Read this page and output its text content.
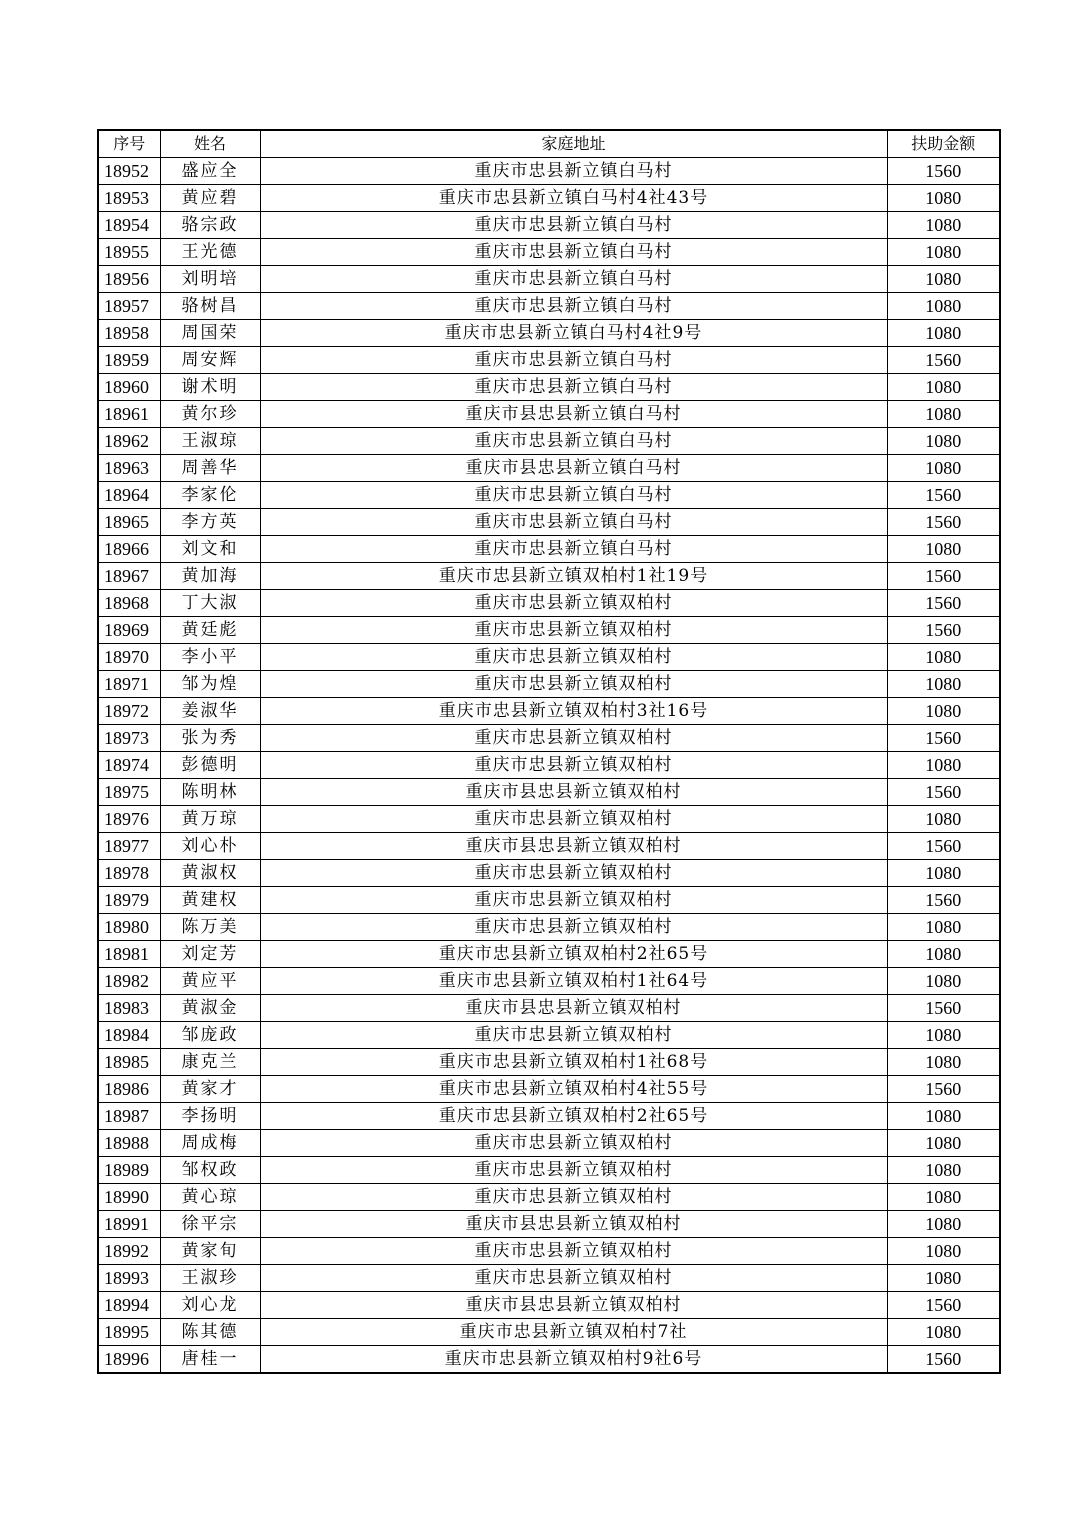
序号	姓名	家庭地址	扶助金额
18952	盛应全	重庆市忠县新立镇白马村	1560
18953	黄应碧	重庆市忠县新立镇白马村4社43号	1080
18954	骆宗政	重庆市忠县新立镇白马村	1080
18955	王光德	重庆市忠县新立镇白马村	1080
18956	刘明培	重庆市忠县新立镇白马村	1080
18957	骆树昌	重庆市忠县新立镇白马村	1080
18958	周国荣	重庆市忠县新立镇白马村4社9号	1080
18959	周安辉	重庆市忠县新立镇白马村	1560
18960	谢术明	重庆市忠县新立镇白马村	1080
18961	黄尔珍	重庆市县忠县新立镇白马村	1080
18962	王淑琼	重庆市忠县新立镇白马村	1080
18963	周善华	重庆市县忠县新立镇白马村	1080
18964	李家伦	重庆市忠县新立镇白马村	1560
18965	李方英	重庆市忠县新立镇白马村	1560
18966	刘文和	重庆市忠县新立镇白马村	1080
18967	黄加海	重庆市忠县新立镇双柏村1社19号	1560
18968	丁大淑	重庆市忠县新立镇双柏村	1560
18969	黄廷彪	重庆市忠县新立镇双柏村	1560
18970	李小平	重庆市忠县新立镇双柏村	1080
18971	邹为煌	重庆市忠县新立镇双柏村	1080
18972	姜淑华	重庆市忠县新立镇双柏村3社16号	1080
18973	张为秀	重庆市忠县新立镇双柏村	1560
18974	彭德明	重庆市忠县新立镇双柏村	1080
18975	陈明林	重庆市县忠县新立镇双柏村	1560
18976	黄万琼	重庆市忠县新立镇双柏村	1080
18977	刘心朴	重庆市县忠县新立镇双柏村	1560
18978	黄淑权	重庆市忠县新立镇双柏村	1080
18979	黄建权	重庆市忠县新立镇双柏村	1560
18980	陈万美	重庆市忠县新立镇双柏村	1080
18981	刘定芳	重庆市忠县新立镇双柏村2社65号	1080
18982	黄应平	重庆市忠县新立镇双柏村1社64号	1080
18983	黄淑金	重庆市县忠县新立镇双柏村	1560
18984	邹庞政	重庆市忠县新立镇双柏村	1080
18985	康克兰	重庆市忠县新立镇双柏村1社68号	1080
18986	黄家才	重庆市忠县新立镇双柏村4社55号	1560
18987	李扬明	重庆市忠县新立镇双柏村2社65号	1080
18988	周成梅	重庆市忠县新立镇双柏村	1080
18989	邹权政	重庆市忠县新立镇双柏村	1080
18990	黄心琼	重庆市忠县新立镇双柏村	1080
18991	徐平宗	重庆市县忠县新立镇双柏村	1080
18992	黄家旬	重庆市忠县新立镇双柏村	1080
18993	王淑珍	重庆市忠县新立镇双柏村	1080
18994	刘心龙	重庆市县忠县新立镇双柏村	1560
18995	陈其德	重庆市忠县新立镇双柏村7社	1080
18996	唐桂一	重庆市忠县新立镇双柏村9社6号	1560
